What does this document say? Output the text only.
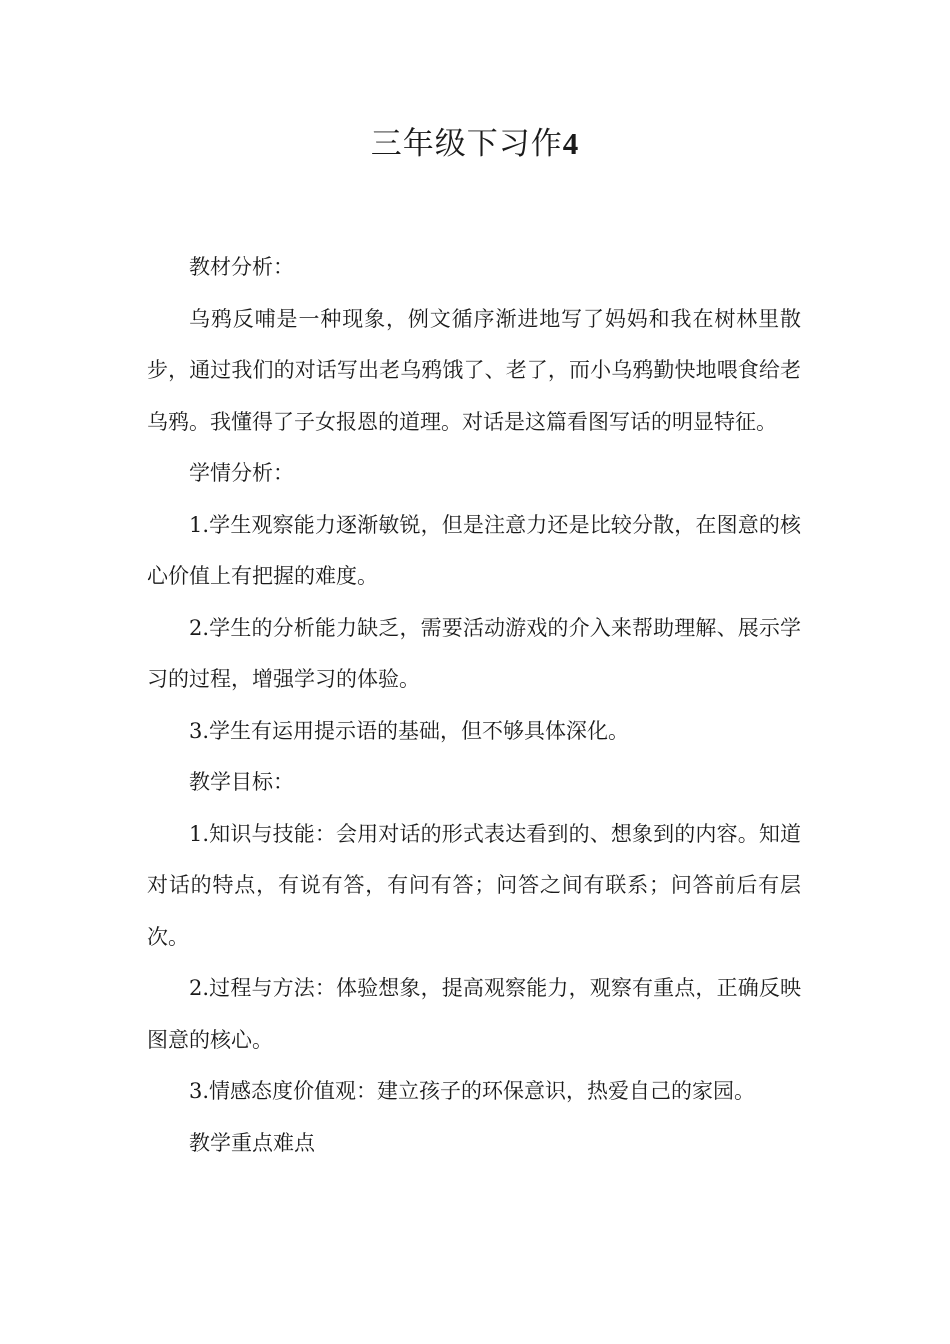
三年级下习作4

教材分析：

乌鸦反哺是一种现象，例文循序渐进地写了妈妈和我在树林里散步，通过我们的对话写出老乌鸦饿了、老了，而小乌鸦勤快地喂食给老乌鸦。我懂得了子女报恩的道理。对话是这篇看图写话的明显特征。

学情分析：

1.学生观察能力逐渐敏锐，但是注意力还是比较分散，在图意的核心价值上有把握的难度。

2.学生的分析能力缺乏，需要活动游戏的介入来帮助理解、展示学习的过程，增强学习的体验。

3.学生有运用提示语的基础，但不够具体深化。

教学目标：

1.知识与技能：会用对话的形式表达看到的、想象到的内容。知道对话的特点，有说有答，有问有答；问答之间有联系；问答前后有层次。

2.过程与方法：体验想象，提高观察能力，观察有重点，正确反映图意的核心。

3.情感态度价值观：建立孩子的环保意识，热爱自己的家园。

教学重点难点
